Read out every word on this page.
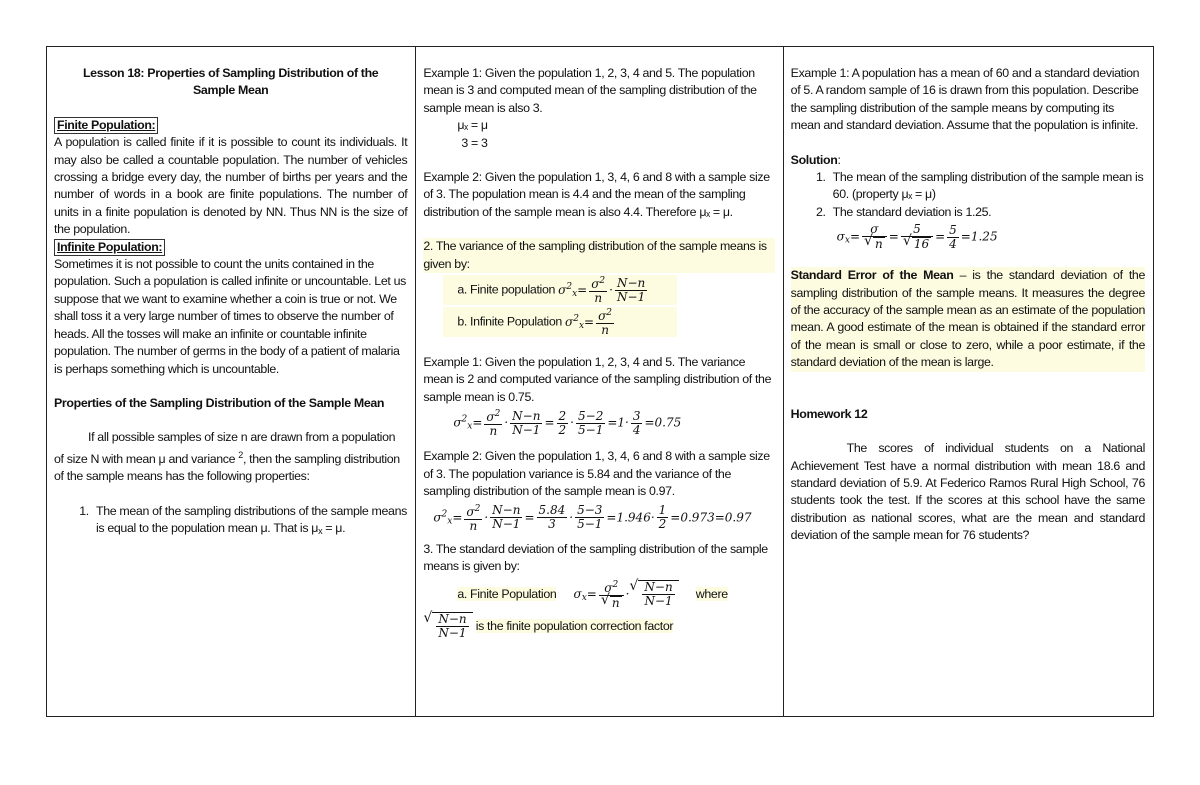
Lesson 18: Properties of Sampling Distribution of the Sample Mean
Finite Population:
A population is called finite if it is possible to count its individuals. It may also be called a countable population. The number of vehicles crossing a bridge every day, the number of births per years and the number of words in a book are finite populations. The number of units in a finite population is denoted by NN. Thus NN is the size of the population.
Infinite Population:
Sometimes it is not possible to count the units contained in the population. Such a population is called infinite or uncountable. Let us suppose that we want to examine whether a coin is true or not. We shall toss it a very large number of times to observe the number of heads. All the tosses will make an infinite or countable infinite population. The number of germs in the body of a patient of malaria is perhaps something which is uncountable.
Properties of the Sampling Distribution of the Sample Mean
If all possible samples of size n are drawn from a population of size N with mean μ and variance $^2$, then the sampling distribution of the sample means has the following properties:
1. The mean of the sampling distributions of the sample means is equal to the population mean μ. That is $\mu_x = \mu$.
Example 1: Given the population 1, 2, 3, 4 and 5. The population mean is 3 and computed mean of the sampling distribution of the sample mean is also 3.
μₓ = μ
3 = 3
Example 2: Given the population 1, 3, 4, 6 and 8 with a sample size of 3. The population mean is 4.4 and the mean of the sampling distribution of the sample mean is also 4.4. Therefore μₓ = μ.
2. The variance of the sampling distribution of the sample means is given by:
a. Finite population $\sigma^2_x= \frac{\sigma^2}{n} \cdot \frac{N-n}{N-1}$
b. Infinite Population $\sigma^2_x= \frac{\sigma^2}{n}$
Example 1: Given the population 1, 2, 3, 4 and 5. The variance mean is 2 and computed variance of the sampling distribution of the sample mean is 0.75.
$\sigma^2_x= \frac{\sigma^2}{n} \cdot \frac{N-n}{N-1} = \frac{2}{2} \cdot \frac{5-2}{5-1} =1\cdot \frac{3}{4} =0.75$
Example 2: Given the population 1, 3, 4, 6 and 8 with a sample size of 3. The population variance is 5.84 and the variance of the sampling distribution of the sample mean is 0.97.
$\sigma^2_x= \frac{\sigma^2}{n} \cdot \frac{N-n}{N-1} = \frac{5.84}{3} \cdot \frac{5-3}{5-1} =1.946\cdot \frac{1}{2} =0.973=0.97$
3. The standard deviation of the sampling distribution of the sample means is given by:
a. Finite Population $\sigma_x= \sigma^2$
√ n ·
√ $\frac{N-n}{N-1}$ where
√ $\frac{N-n}{N-1}$ is the finite population correction factor
Example 1: A population has a mean of 60 and a standard deviation of 5. A random sample of 16 is drawn from this population. Describe the sampling distribution of the sample means by computing its mean and standard deviation. Assume that the population is infinite.
Solution:
1. The mean of the sampling distribution of the sample mean is 60. (property μₓ = μ)
2. The standard deviation is 1.25.
$\sigma_x= \sigma$
√ n = 5
√ $16 = \frac{5}{4} =1.25$
Standard Error of the Mean – is the standard deviation of the sampling distribution of the sample means. It measures the degree of the accuracy of the sample mean as an estimate of the population mean. A good estimate of the mean is obtained if the standard error of the mean is small or close to zero, while a poor estimate, if the standard deviation of the mean is large.
Homework 12
The scores of individual students on a National Achievement Test have a normal distribution with mean 18.6 and standard deviation of 5.9. At Federico Ramos Rural High School, 76 students took the test. If the scores at this school have the same distribution as national scores, what are the mean and standard deviation of the sample mean for 76 students?
